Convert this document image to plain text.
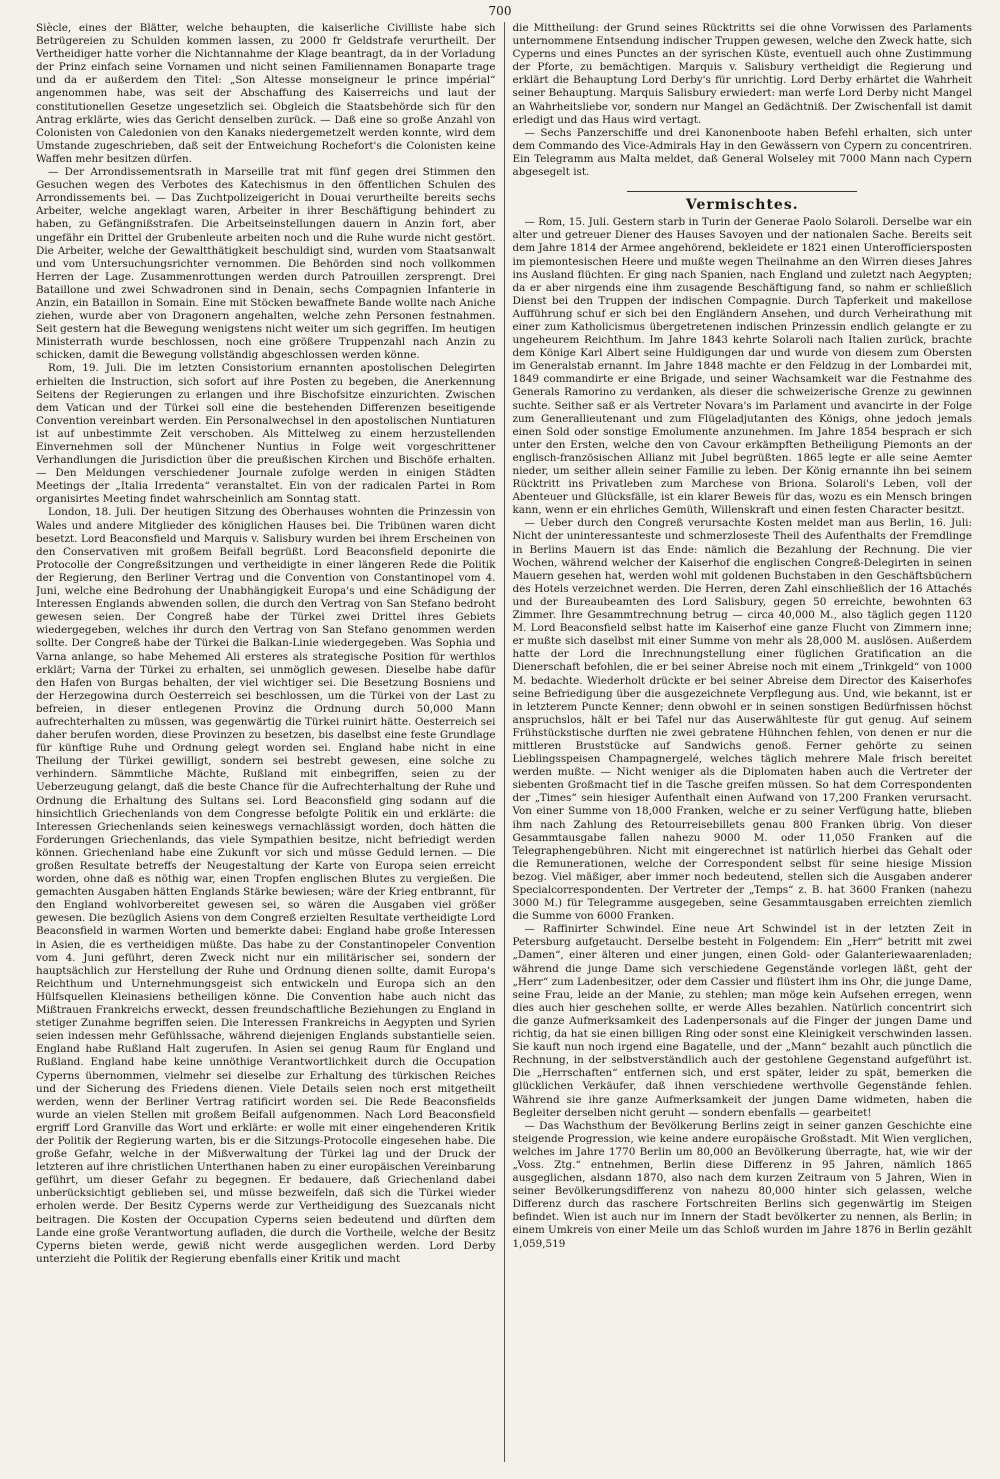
700

Siècle, eines der Blätter, welche behaupten, die kaiserliche Civilliste habe sich Betrügereien zu Schulden kommen lassen, zu 2000 fr Geldstrafe verurtheilt. Der Vertheidiger hatte vorher die Nichtannahme der Klage beantragt, da in der Vorladung der Prinz einfach seine Vornamen und nicht seinen Familiennamen Bonaparte trage und da er außerdem den Titel: „Son Altesse monseigneur le prince impérial“ angenommen habe, was seit der Abschaffung des Kaiserreichs und laut der constitutionellen Gesetze ungesetzlich sei. Obgleich die Staatsbehörde sich für den Antrag erklärte, wies das Gericht denselben zurück. — Daß eine so große Anzahl von Colonisten von Caledonien von den Kanaks niedergemetzelt werden konnte, wird dem Umstande zugeschrieben, daß seit der Entweichung Rochefort's die Colonisten keine Waffen mehr besitzen dürfen.

— Der Arrondissementsrath in Marseille trat mit fünf gegen drei Stimmen den Gesuchen wegen des Verbotes des Katechismus in den öffentlichen Schulen des Arrondissements bei. — Das Zuchtpolizeigericht in Douai verurtheilte bereits sechs Arbeiter, welche angeklagt waren, Arbeiter in ihrer Beschäftigung behindert zu haben, zu Gefängnißstrafen. Die Arbeitseinstellungen dauern in Anzin fort, aber ungefähr ein Drittel der Grubenleute arbeiten noch und die Ruhe wurde nicht gestört. Die Arbeiter, welche der Gewaltthätigkeit beschuldigt sind, wurden vom Staatsanwalt und vom Untersuchungsrichter vernommen. Die Behörden sind noch vollkommen Herren der Lage. Zusammenrottungen werden durch Patrouillen zersprengt. Drei Bataillone und zwei Schwadronen sind in Denain, sechs Compagnien Infanterie in Anzin, ein Bataillon in Somain. Eine mit Stöcken bewaffnete Bande wollte nach Aniche ziehen, wurde aber von Dragonern angehalten, welche zehn Personen festnahmen. Seit gestern hat die Bewegung wenigstens nicht weiter um sich gegriffen. Im heutigen Ministerrath wurde beschlossen, noch eine größere Truppenzahl nach Anzin zu schicken, damit die Bewegung vollständig abgeschlossen werden könne.

Rom, 19. Juli. Die im letzten Consistorium ernannten apostolischen Delegirten erhielten die Instruction, sich sofort auf ihre Posten zu begeben, die Anerkennung Seitens der Regierungen zu erlangen und ihre Bischofsitze einzurichten. Zwischen dem Vatican und der Türkei soll eine die bestehenden Differenzen beseitigende Convention vereinbart werden. Ein Personalwechsel in den apostolischen Nuntiaturen ist auf unbestimmte Zeit verschoben. Als Mittelweg zu einem herzustellenden Einvernehmen soll der Münchener Nuntius in Folge weit vorgeschrittener Verhandlungen die Jurisdiction über die preußischen Kirchen und Bischöfe erhalten. — Den Meldungen verschiedener Journale zufolge werden in einigen Städten Meetings der „Italia Irredenta“ veranstaltet. Ein von der radicalen Partei in Rom organisirtes Meeting findet wahrscheinlich am Sonntag statt.

London, 18. Juli. Der heutigen Sitzung des Oberhauses wohnten die Prinzessin von Wales und andere Mitglieder des königlichen Hauses bei. Die Tribünen waren dicht besetzt. Lord Beaconsfield und Marquis v. Salisbury wurden bei ihrem Erscheinen von den Conservativen mit großem Beifall begrüßt. Lord Beaconsfield deponirte die Protocolle der Congreßsitzungen und vertheidigte in einer längeren Rede die Politik der Regierung, den Berliner Vertrag und die Convention von Constantinopel vom 4. Juni, welche eine Bedrohung der Unabhängigkeit Europa's und eine Schädigung der Interessen Englands abwenden sollen, die durch den Vertrag von San Stefano bedroht gewesen seien. Der Congreß habe der Türkei zwei Drittel ihres Gebiets wiedergegeben, welches ihr durch den Vertrag von San Stefano genommen werden sollte. Der Congreß habe der Türkei die Balkan-Linie wiedergegeben. Was Sophia und Varna anlange, so habe Mehemed Ali ersteres als strategische Position für werthlos erklärt; Varna der Türkei zu erhalten, sei unmöglich gewesen. Dieselbe habe dafür den Hafen von Burgas behalten, der viel wichtiger sei. Die Besetzung Bosniens und der Herzegowina durch Oesterreich sei beschlossen, um die Türkei von der Last zu befreien, in dieser entlegenen Provinz die Ordnung durch 50,000 Mann aufrechterhalten zu müssen, was gegenwärtig die Türkei ruinirt hätte. Oesterreich sei daher berufen worden, diese Provinzen zu besetzen, bis daselbst eine feste Grundlage für künftige Ruhe und Ordnung gelegt worden sei. England habe nicht in eine Theilung der Türkei gewilligt, sondern sei bestrebt gewesen, eine solche zu verhindern. Sämmtliche Mächte, Rußland mit einbegriffen, seien zu der Ueberzeugung gelangt, daß die beste Chance für die Aufrechterhaltung der Ruhe und Ordnung die Erhaltung des Sultans sei. Lord Beaconsfield ging sodann auf die hinsichtlich Griechenlands von dem Congresse befolgte Politik ein und erklärte: die Interessen Griechenlands seien keineswegs vernachlässigt worden, doch hätten die Forderungen Griechenlands, das viele Sympathien besitze, nicht befriedigt werden können. Griechenland habe eine Zukunft vor sich und müsse Geduld lernen. — Die großen Resultate betreffs der Neugestaltung der Karte von Europa seien erreicht worden, ohne daß es nöthig war, einen Tropfen englischen Blutes zu vergießen. Die gemachten Ausgaben hätten Englands Stärke bewiesen; wäre der Krieg entbrannt, für den England wohlvorbereitet gewesen sei, so wären die Ausgaben viel größer gewesen. Die bezüglich Asiens von dem Congreß erzielten Resultate vertheidigte Lord Beaconsfield in warmen Worten und bemerkte dabei: England habe große Interessen in Asien, die es vertheidigen müßte. Das habe zu der Constantinopeler Convention vom 4. Juni geführt, deren Zweck nicht nur ein militärischer sei, sondern der hauptsächlich zur Herstellung der Ruhe und Ordnung dienen sollte, damit Europa's Reichthum und Unternehmungsgeist sich entwickeln und Europa sich an den Hülfsquellen Kleinasiens betheiligen könne. Die Convention habe auch nicht das Mißtrauen Frankreichs erweckt, dessen freundschaftliche Beziehungen zu England in stetiger Zunahme begriffen seien. Die Interessen Frankreichs in Aegypten und Syrien seien indessen mehr Gefühlssache, während diejenigen Englands substantielle seien. England habe Rußland Halt zugerufen. In Asien sei genug Raum für England und Rußland. England habe keine unnöthige Verantwortlichkeit durch die Occupation Cyperns übernommen, vielmehr sei dieselbe zur Erhaltung des türkischen Reiches und der Sicherung des Friedens dienen. Viele Details seien noch erst mitgetheilt werden, wenn der Berliner Vertrag ratificirt worden sei. Die Rede Beaconsfields wurde an vielen Stellen mit großem Beifall aufgenommen. Nach Lord Beaconsfield ergriff Lord Granville das Wort und erklärte: er wolle mit einer eingehenderen Kritik der Politik der Regierung warten, bis er die Sitzungs-Protocolle eingesehen habe. Die große Gefahr, welche in der Mißverwaltung der Türkei lag und der Druck der letzteren auf ihre christlichen Unterthanen haben zu einer europäischen Vereinbarung geführt, um dieser Gefahr zu begegnen. Er bedauere, daß Griechenland dabei unberücksichtigt geblieben sei, und müsse bezweifeln, daß sich die Türkei wieder erholen werde. Der Besitz Cyperns werde zur Vertheidigung des Suezcanals nicht beitragen. Die Kosten der Occupation Cyperns seien bedeutend und dürften dem Lande eine große Verantwortung aufladen, die durch die Vortheile, welche der Besitz Cyperns bieten werde, gewiß nicht werde ausgeglichen werden. Lord Derby unterzieht die Politik der Regierung ebenfalls einer Kritik und macht

die Mittheilung: der Grund seines Rücktritts sei die ohne Vorwissen des Parlaments unternommene Entsendung indischer Truppen gewesen, welche den Zweck hatte, sich Cyperns und eines Punctes an der syrischen Küste, eventuell auch ohne Zustimmung der Pforte, zu bemächtigen. Marquis v. Salisbury vertheidigt die Regierung und erklärt die Behauptung Lord Derby's für unrichtig. Lord Derby erhärtet die Wahrheit seiner Behauptung. Marquis Salisbury erwiedert: man werfe Lord Derby nicht Mangel an Wahrheitsliebe vor, sondern nur Mangel an Gedächtniß. Der Zwischenfall ist damit erledigt und das Haus wird vertagt.

— Sechs Panzerschiffe und drei Kanonenboote haben Befehl erhalten, sich unter dem Commando des Vice-Admirals Hay in den Gewässern von Cypern zu concentriren. Ein Telegramm aus Malta meldet, daß General Wolseley mit 7000 Mann nach Cypern abgesegelt ist.

Vermischtes.

— Rom, 15. Juli. Gestern starb in Turin der Generae Paolo Solaroli. Derselbe war ein alter und getreuer Diener des Hauses Savoyen und der nationalen Sache. Bereits seit dem Jahre 1814 der Armee angehörend, bekleidete er 1821 einen Unterofficiersposten im piemontesischen Heere und mußte wegen Theilnahme an den Wirren dieses Jahres ins Ausland flüchten. Er ging nach Spanien, nach England und zuletzt nach Aegypten; da er aber nirgends eine ihm zusagende Beschäftigung fand, so nahm er schließlich Dienst bei den Truppen der indischen Compagnie. Durch Tapferkeit und makellose Aufführung schuf er sich bei den Engländern Ansehen, und durch Verheirathung mit einer zum Katholicismus übergetretenen indischen Prinzessin endlich gelangte er zu ungeheurem Reichthum. Im Jahre 1843 kehrte Solaroli nach Italien zurück, brachte dem Könige Karl Albert seine Huldigungen dar und wurde von diesem zum Obersten im Generalstab ernannt. Im Jahre 1848 machte er den Feldzug in der Lombardei mit, 1849 commandirte er eine Brigade, und seiner Wachsamkeit war die Festnahme des Generals Ramorino zu verdanken, als dieser die schweizerische Grenze zu gewinnen suchte. Seither saß er als Vertreter Novara's im Parlament und avancirte in der Folge zum Generallieutenant und zum Flügeladjutanten des Königs, ohne jedoch jemals einen Sold oder sonstige Emolumente anzunehmen. Im Jahre 1854 besprach er sich unter den Ersten, welche den von Cavour erkämpften Betheiligung Piemonts an der englisch-französischen Allianz mit Jubel begrüßten. 1865 legte er alle seine Aemter nieder, um seither allein seiner Familie zu leben. Der König ernannte ihn bei seinem Rücktritt ins Privatleben zum Marchese von Briona. Solaroli's Leben, voll der Abenteuer und Glücksfälle, ist ein klarer Beweis für das, wozu es ein Mensch bringen kann, wenn er ein ehrliches Gemüth, Willenskraft und einen festen Character besitzt.

— Ueber durch den Congreß verursachte Kosten meldet man aus Berlin, 16. Juli: Nicht der uninteressanteste und schmerzloseste Theil des Aufenthalts der Fremdlinge in Berlins Mauern ist das Ende: nämlich die Bezahlung der Rechnung. Die vier Wochen, während welcher der Kaiserhof die englischen Congreß-Delegirten in seinen Mauern gesehen hat, werden wohl mit goldenen Buchstaben in den Geschäftsbüchern des Hotels verzeichnet werden. Die Herren, deren Zahl einschließlich der 16 Attachés und der Bureaubeamten des Lord Salisbury, gegen 50 erreichte, bewohnten 63 Zimmer. Ihre Gesammtrechnung betrug — circa 40,000 M., also täglich gegen 1120 M. Lord Beaconsfield selbst hatte im Kaiserhof eine ganze Flucht von Zimmern inne; er mußte sich daselbst mit einer Summe von mehr als 28,000 M. auslösen. Außerdem hatte der Lord die Inrechnungstellung einer füglichen Gratification an die Dienerschaft befohlen, die er bei seiner Abreise noch mit einem „Trinkgeld“ von 1000 M. bedachte. Wiederholt drückte er bei seiner Abreise dem Director des Kaiserhofes seine Befriedigung über die ausgezeichnete Verpflegung aus. Und, wie bekannt, ist er in letzterem Puncte Kenner; denn obwohl er in seinen sonstigen Bedürfnissen höchst anspruchslos, hält er bei Tafel nur das Auserwählteste für gut genug. Auf seinem Frühstückstische durften nie zwei gebratene Hühnchen fehlen, von denen er nur die mittleren Bruststücke auf Sandwichs genoß. Ferner gehörte zu seinen Lieblingsspeisen Champagnergelé, welches täglich mehrere Male frisch bereitet werden mußte. — Nicht weniger als die Diplomaten haben auch die Vertreter der siebenten Großmacht tief in die Tasche greifen müssen. So hat dem Correspondenten der „Times“ sein hiesiger Aufenthalt einen Aufwand von 17,200 Franken verursacht. Von einer Summe von 18,000 Franken, welche er zu seiner Verfügung hatte, blieben ihm nach Zahlung des Retourreisebillets genau 800 Franken übrig. Von dieser Gesammtausgabe fallen nahezu 9000 M. oder 11,050 Franken auf die Telegraphengebühren. Nicht mit eingerechnet ist natürlich hierbei das Gehalt oder die Remunerationen, welche der Correspondent selbst für seine hiesige Mission bezog. Viel mäßiger, aber immer noch bedeutend, stellen sich die Ausgaben anderer Specialcorrespondenten. Der Vertreter der „Temps“ z. B. hat 3600 Franken (nahezu 3000 M.) für Telegramme ausgegeben, seine Gesammtausgaben erreichten ziemlich die Summe von 6000 Franken.

— Raffinirter Schwindel. Eine neue Art Schwindel ist in der letzten Zeit in Petersburg aufgetaucht. Derselbe besteht in Folgendem: Ein „Herr“ betritt mit zwei „Damen“, einer älteren und einer jungen, einen Gold- oder Galanteriewaarenladen; während die junge Dame sich verschiedene Gegenstände vorlegen läßt, geht der „Herr“ zum Ladenbesitzer, oder dem Cassier und flüstert ihm ins Ohr, die junge Dame, seine Frau, leide an der Manie, zu stehlen; man möge kein Aufsehen erregen, wenn dies auch hier geschehen sollte, er werde Alles bezahlen. Natürlich concentrirt sich die ganze Aufmerksamkeit des Ladenpersonals auf die Finger der jungen Dame und richtig, da hat sie einen billigen Ring oder sonst eine Kleinigkeit verschwinden lassen. Sie kauft nun noch irgend eine Bagatelle, und der „Mann“ bezahlt auch pünctlich die Rechnung, in der selbstverständlich auch der gestohlene Gegenstand aufgeführt ist. Die „Herrschaften“ entfernen sich, und erst später, leider zu spät, bemerken die glücklichen Verkäufer, daß ihnen verschiedene werthvolle Gegenstände fehlen. Während sie ihre ganze Aufmerksamkeit der jungen Dame widmeten, haben die Begleiter derselben nicht geruht — sondern ebenfalls — gearbeitet!

— Das Wachsthum der Bevölkerung Berlins zeigt in seiner ganzen Geschichte eine steigende Progression, wie keine andere europäische Großstadt. Mit Wien verglichen, welches im Jahre 1770 Berlin um 80,000 an Bevölkerung überragte, hat, wie wir der „Voss. Ztg.“ entnehmen, Berlin diese Differenz in 95 Jahren, nämlich 1865 ausgeglichen, alsdann 1870, also nach dem kurzen Zeitraum von 5 Jahren, Wien in seiner Bevölkerungsdifferenz von nahezu 80,000 hinter sich gelassen, welche Differenz durch das raschere Fortschreiten Berlins sich gegenwärtig im Steigen befindet. Wien ist auch nur im Innern der Stadt bevölkerter zu nennen, als Berlin; in einem Umkreis von einer Meile um das Schloß wurden im Jahre 1876 in Berlin gezählt 1,059,519
